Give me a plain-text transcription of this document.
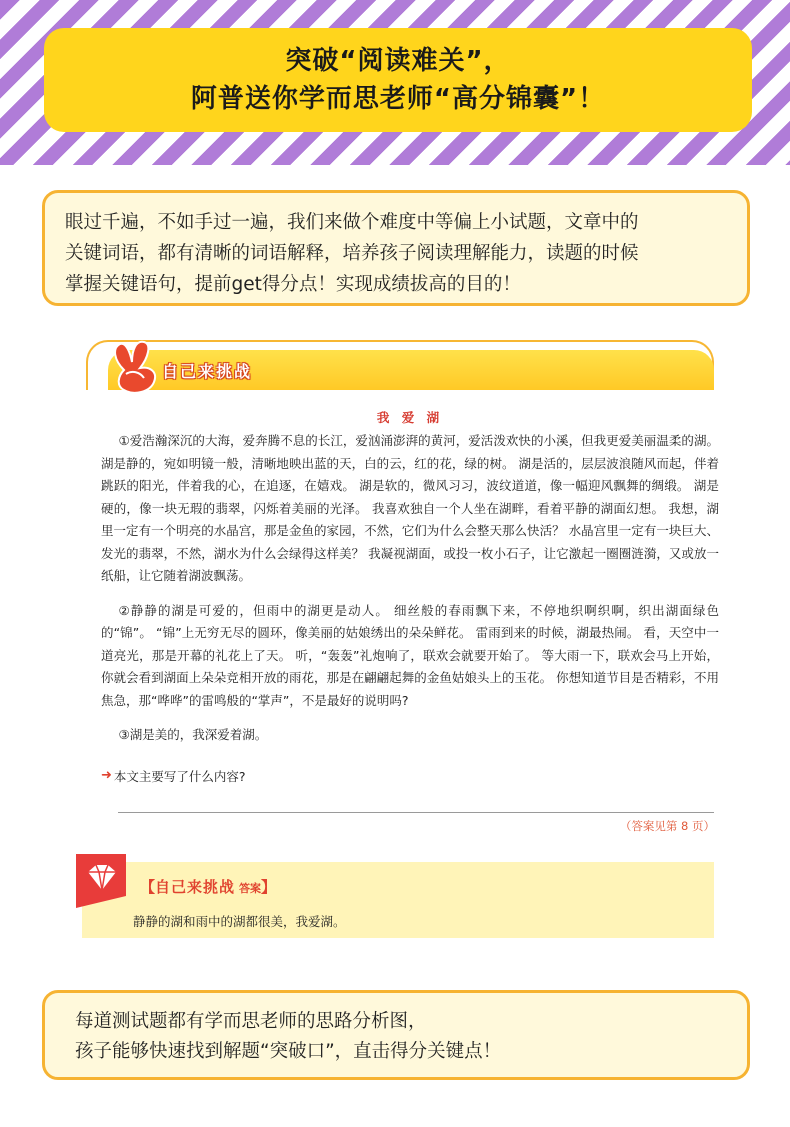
突破“阅读难关”，
阿普送你学而思老师“高分锦囊”！

眼过千遍，不如手过一遍，我们来做个难度中等偏上小试题，文章中的

关键词语，都有清晰的词语解释，培养孩子阅读理解能力，读题的时候

掌握关键语句，提前get得分点！实现成绩拔高的目的！

自己来挑战
我 爱 湖

①爱浩瀚深沉的大海，爱奔腾不息的长江，爱汹涌澎湃的黄河，爱活泼欢快的小溪，但我更爱美丽温柔的湖。 湖是静的，宛如明镜一般，清晰地映出蓝的天，白的云，红的花，绿的树。 湖是活的，层层波浪随风而起，伴着跳跃的阳光，伴着我的心，在追逐，在嬉戏。 湖是软的，微风习习，波纹道道，像一幅迎风飘舞的绸缎。 湖是硬的，像一块无瑕的翡翠，闪烁着美丽的光泽。 我喜欢独自一个人坐在湖畔，看着平静的湖面幻想。 我想，湖里一定有一个明亮的水晶宫，那是金鱼的家园，不然，它们为什么会整天那么快活？ 水晶宫里一定有一块巨大、发光的翡翠，不然，湖水为什么会绿得这样美？ 我凝视湖面，或投一枚小石子，让它激起一圈圈涟漪，又或放一纸船，让它随着湖波飘荡。

②静静的湖是可爱的，但雨中的湖更是动人。 细丝般的春雨飘下来，不停地织啊织啊，织出湖面绿色的“锦”。 “锦”上无穷无尽的圆环，像美丽的姑娘绣出的朵朵鲜花。 雷雨到来的时候，湖最热闹。 看，天空中一道亮光，那是开幕的礼花上了天。 听，“轰轰”礼炮响了，联欢会就要开始了。 等大雨一下，联欢会马上开始，你就会看到湖面上朵朵竞相开放的雨花，那是在翩翩起舞的金鱼姑娘头上的玉花。 你想知道节目是否精彩，不用焦急，那“哗哗”的雷鸣般的“掌声”，不是最好的说明吗?

③湖是美的，我深爱着湖。

➜ 本文主要写了什么内容?
（答案见第 8 页）
【 自己来挑战 答案 】
静静的湖和雨中的湖都很美，我爱湖。

每道测试题都有学而思老师的思路分析图，

孩子能够快速找到解题“突破口”，直击得分关键点！
